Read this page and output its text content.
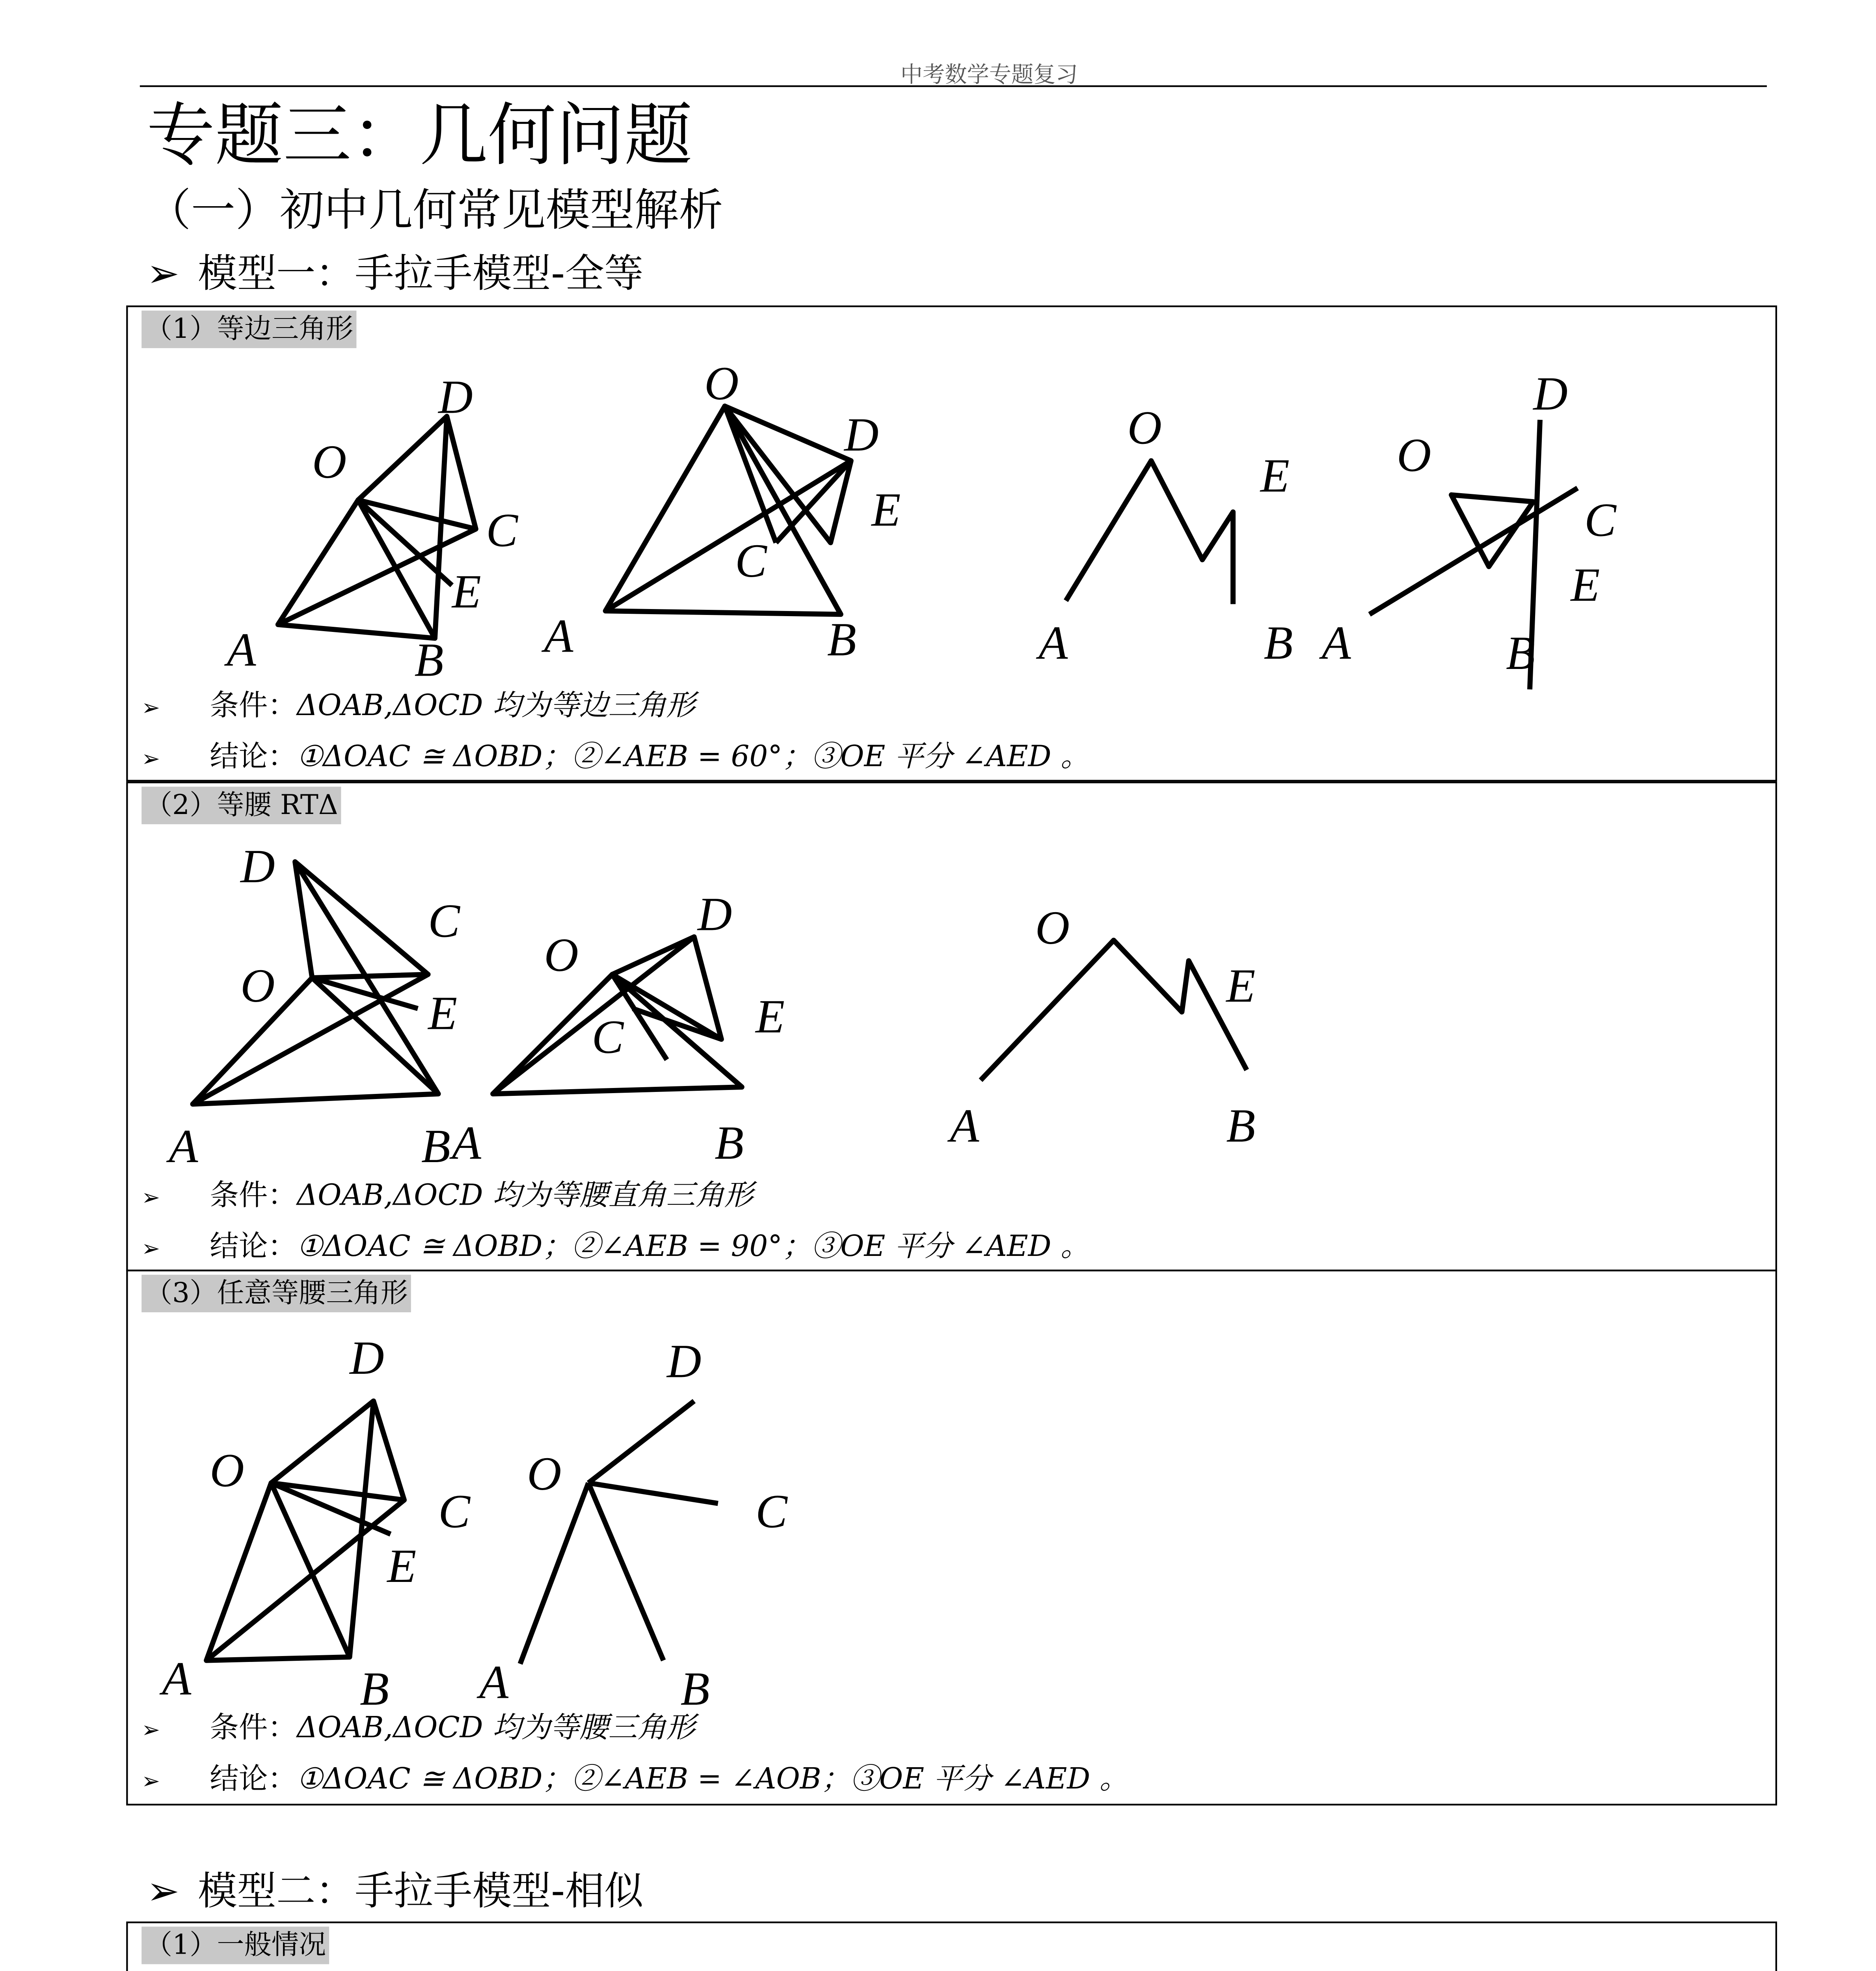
中考数学专题复习
专题三：几何问题
（一）初中几何常见模型解析
➢ 模型一：手拉手模型-全等
（1）等边三角形
O
D
C
E
A	B
O
D
E
C
A	B
O
E
A	B
O
D
C
E
A	B
➢	条件：ΔOAB,ΔOCD 均为等边三角形
➢	结论：①ΔOAC ≅ ΔOBD；②∠AEB = 60°；③OE 平分 ∠AED 。
（2）等腰 RTΔ
D
C
O
E
A	B
O
D
C	E
A	B
O
E
A	B
➢	条件：ΔOAB,ΔOCD 均为等腰直角三角形
➢	结论：①ΔOAC ≅ ΔOBD；②∠AEB = 90°；③OE 平分 ∠AED 。
（3）任意等腰三角形
D
O
C
E
A	B
D
O
C
A	B
➢	条件：ΔOAB,ΔOCD 均为等腰三角形
➢	结论：①ΔOAC ≅ ΔOBD；②∠AEB = ∠AOB；③OE 平分 ∠AED 。
➢ 模型二：手拉手模型-相似
（1）一般情况
